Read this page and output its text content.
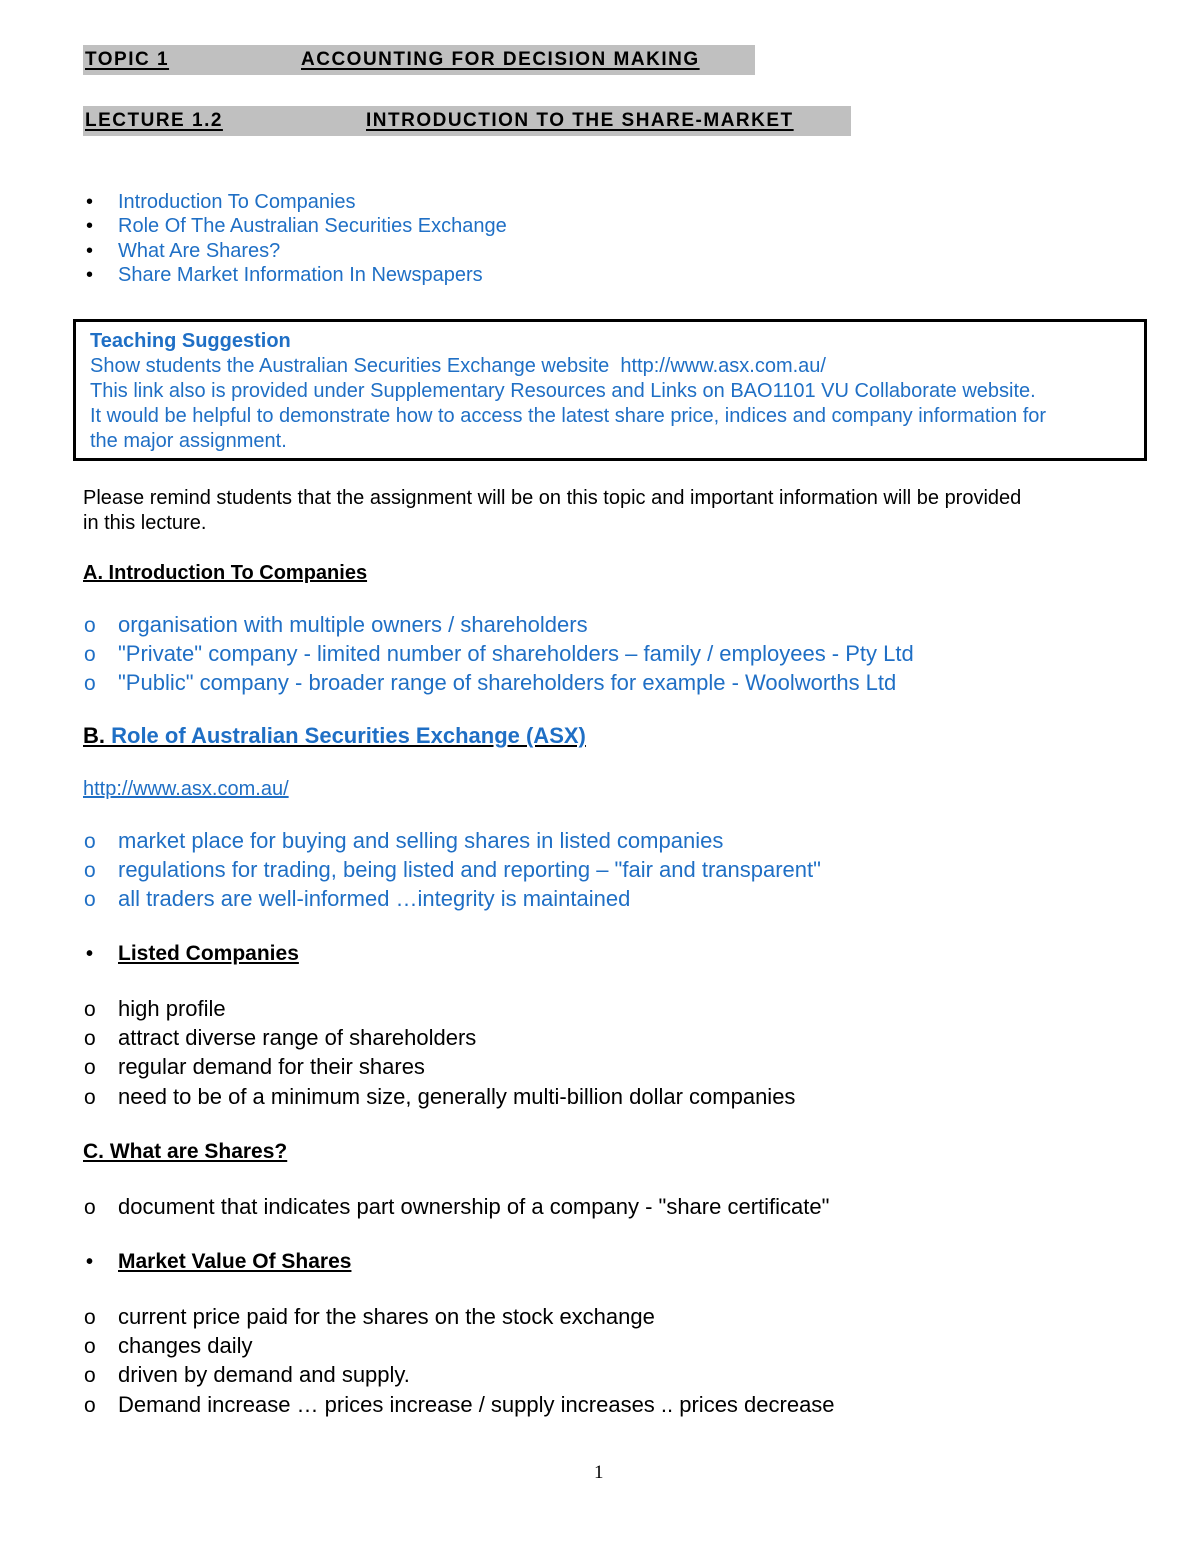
TOPIC 1	ACCOUNTING FOR DECISION MAKING
LECTURE 1.2	INTRODUCTION TO THE SHARE-MARKET
• Introduction To Companies
• Role Of The Australian Securities Exchange
• What Are Shares?
• Share Market Information In Newspapers
Teaching Suggestion
Show students the Australian Securities Exchange website http://www.asx.com.au/
This link also is provided under Supplementary Resources and Links on BAO1101 VU Collaborate website.
It would be helpful to demonstrate how to access the latest share price, indices and company information for
the major assignment.
Please remind students that the assignment will be on this topic and important information will be provided
in this lecture.
A. Introduction To Companies
o organisation with multiple owners / shareholders
o "Private" company - limited number of shareholders – family / employees - Pty Ltd
o "Public" company - broader range of shareholders for example - Woolworths Ltd
B. Role of Australian Securities Exchange (ASX)
http://www.asx.com.au/
o market place for buying and selling shares in listed companies
o regulations for trading, being listed and reporting – "fair and transparent"
o all traders are well-informed …integrity is maintained
• Listed Companies
o high profile
o attract diverse range of shareholders
o regular demand for their shares
o need to be of a minimum size, generally multi-billion dollar companies
C. What are Shares?
o document that indicates part ownership of a company - "share certificate"
• Market Value Of Shares
o current price paid for the shares on the stock exchange
o changes daily
o driven by demand and supply.
o Demand increase … prices increase / supply increases .. prices decrease
1
